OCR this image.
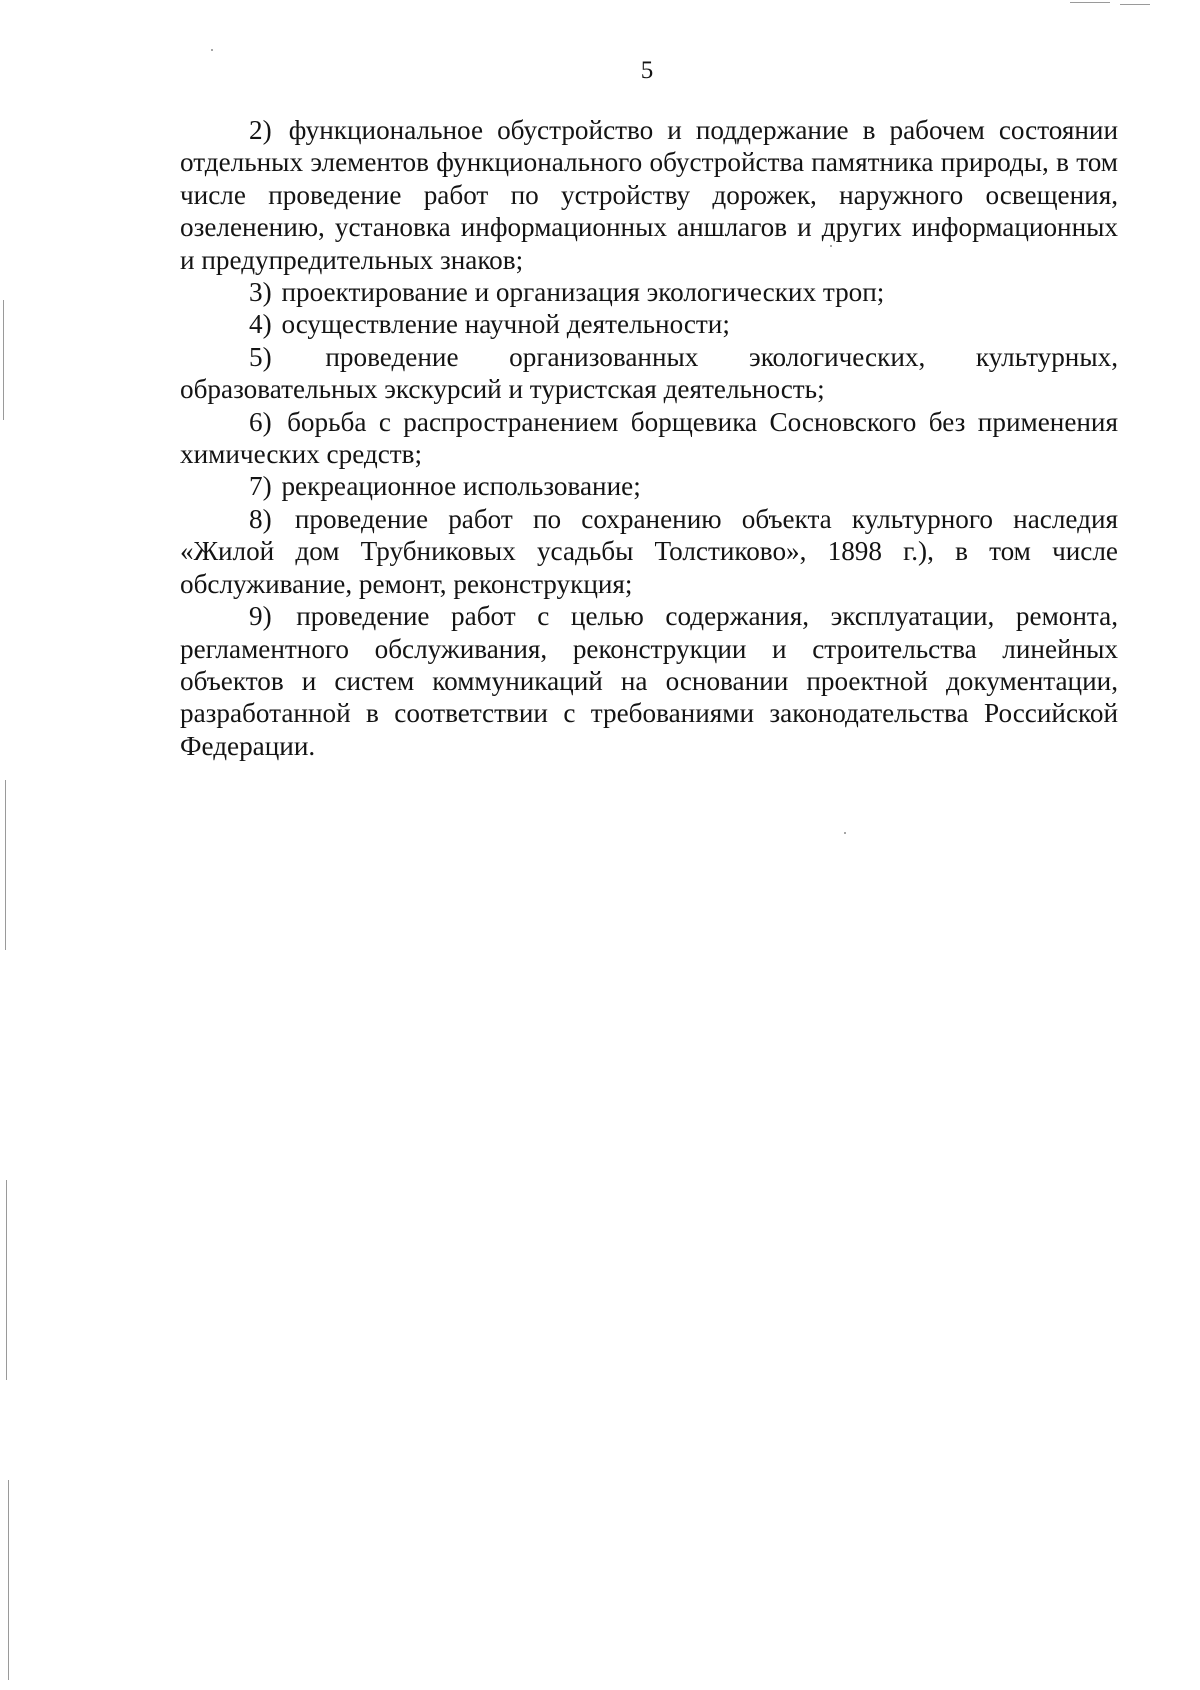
5

2) функциональное обустройство и поддержание в рабочем состоянии отдельных элементов функционального обустройства памятника природы, в том числе проведение работ по устройству дорожек, наружного освещения, озеленению, установка информационных аншлагов и других информационных и предупредительных знаков;

3) проектирование и организация экологических троп;

4) осуществление научной деятельности;

5) проведение организованных экологических, культурных, образовательных экскурсий и туристская деятельность;

6) борьба с распространением борщевика Сосновского без применения химических средств;

7) рекреационное использование;

8) проведение работ по сохранению объекта культурного наследия «Жилой дом Трубниковых усадьбы Толстиково», 1898 г.), в том числе обслуживание, ремонт, реконструкция;

9) проведение работ с целью содержания, эксплуатации, ремонта, регламентного обслуживания, реконструкции и строительства линейных объектов и систем коммуникаций на основании проектной документации, разработанной в соответствии с требованиями законодательства Российской Федерации.
